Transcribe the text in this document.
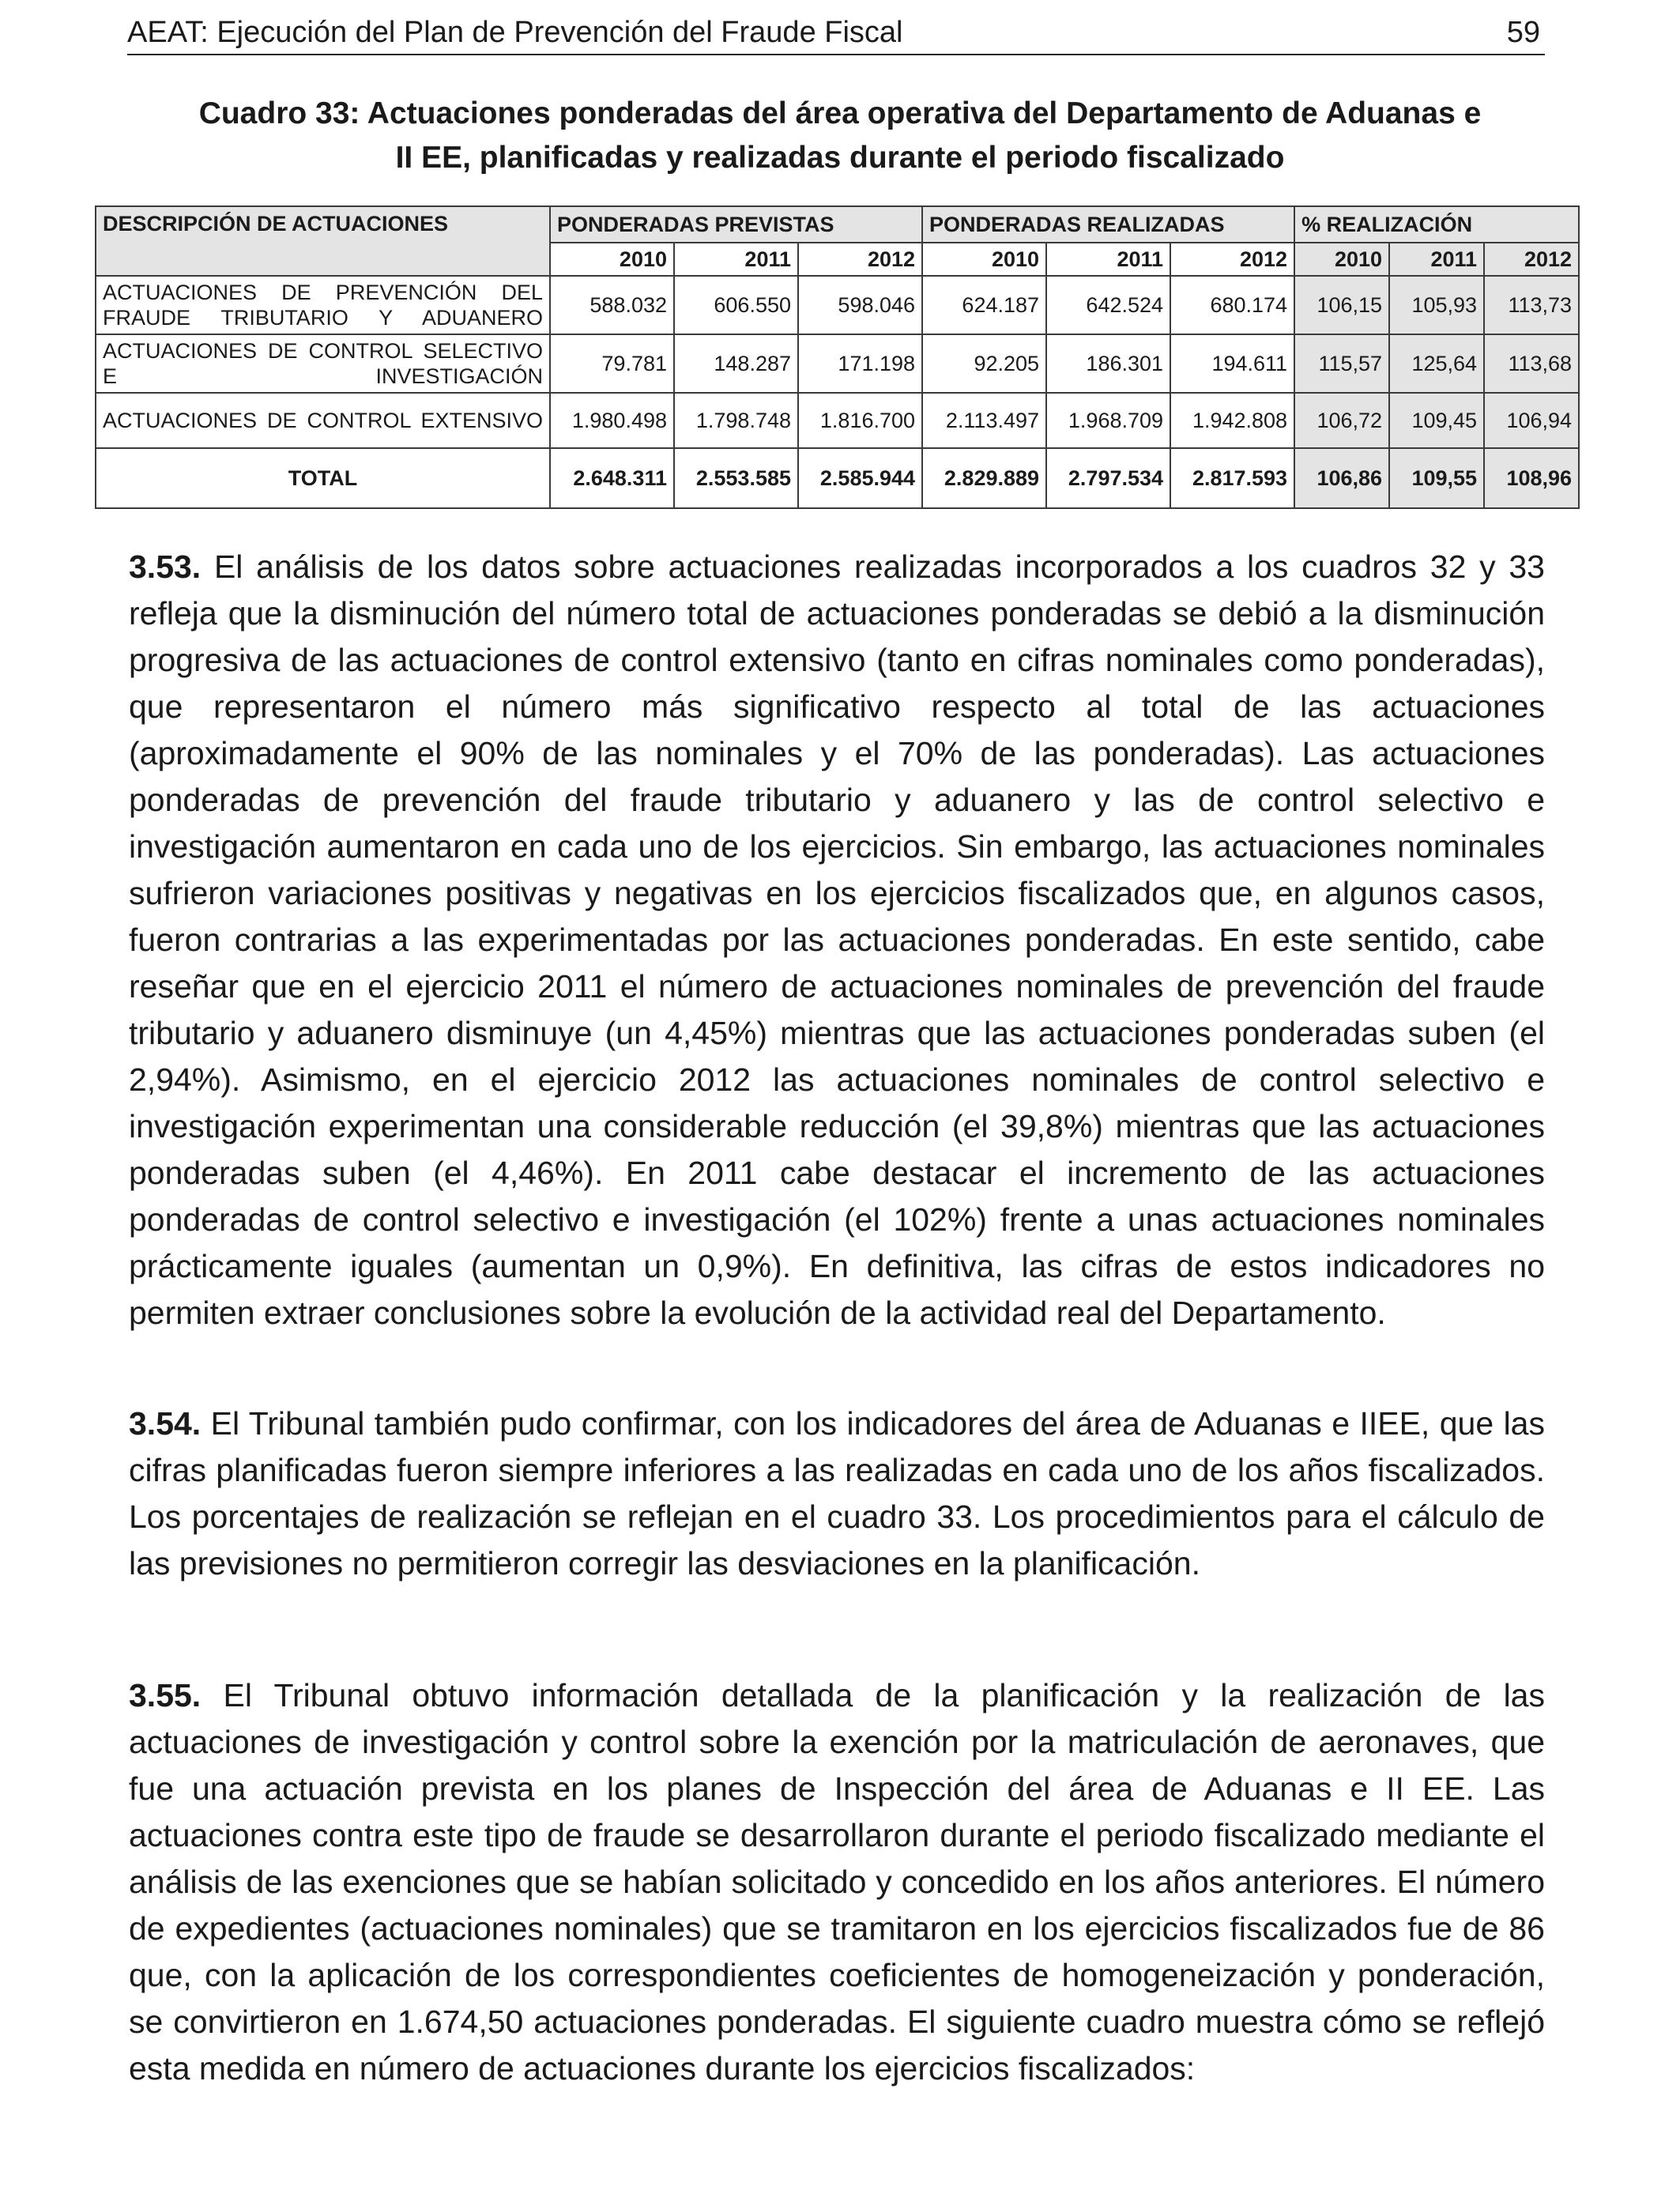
AEAT: Ejecución del Plan de Prevención del Fraude Fiscal	59
Cuadro 33: Actuaciones ponderadas del área operativa del Departamento de Aduanas e
II EE, planificadas y realizadas durante el periodo fiscalizado
DESCRIPCIÓN DE ACTUACIONES	PONDERADAS PREVISTAS			PONDERADAS REALIZADAS			% REALIZACIÓN		
	2010	2011	2012	2010	2011	2012	2010	2011	2012
ACTUACIONES DE PREVENCIÓN DEL FRAUDE TRIBUTARIO Y ADUANERO	588.032	606.550	598.046	624.187	642.524	680.174	106,15	105,93	113,73
ACTUACIONES DE CONTROL SELECTIVO E INVESTIGACIÓN	79.781	148.287	171.198	92.205	186.301	194.611	115,57	125,64	113,68
ACTUACIONES DE CONTROL EXTENSIVO	1.980.498	1.798.748	1.816.700	2.113.497	1.968.709	1.942.808	106,72	109,45	106,94
TOTAL	2.648.311	2.553.585	2.585.944	2.829.889	2.797.534	2.817.593	106,86	109,55	108,96

3.53. El análisis de los datos sobre actuaciones realizadas incorporados a los cuadros 32 y 33 refleja que la disminución del número total de actuaciones ponderadas se debió a la disminución progresiva de las actuaciones de control extensivo (tanto en cifras nominales como ponderadas), que representaron el número más significativo respecto al total de las actuaciones (aproximadamente el 90% de las nominales y el 70% de las ponderadas). Las actuaciones ponderadas de prevención del fraude tributario y aduanero y las de control selectivo e investigación aumentaron en cada uno de los ejercicios. Sin embargo, las actuaciones nominales sufrieron variaciones positivas y negativas en los ejercicios fiscalizados que, en algunos casos, fueron contrarias a las experimentadas por las actuaciones ponderadas. En este sentido, cabe reseñar que en el ejercicio 2011 el número de actuaciones nominales de prevención del fraude tributario y aduanero disminuye (un 4,45%) mientras que las actuaciones ponderadas suben (el 2,94%). Asimismo, en el ejercicio 2012 las actuaciones nominales de control selectivo e investigación experimentan una considerable reducción (el 39,8%) mientras que las actuaciones ponderadas suben (el 4,46%). En 2011 cabe destacar el incremento de las actuaciones ponderadas de control selectivo e investigación (el 102%) frente a unas actuaciones nominales prácticamente iguales (aumentan un 0,9%). En definitiva, las cifras de estos indicadores no permiten extraer conclusiones sobre la evolución de la actividad real del Departamento.

3.54. El Tribunal también pudo confirmar, con los indicadores del área de Aduanas e IIEE, que las cifras planificadas fueron siempre inferiores a las realizadas en cada uno de los años fiscalizados. Los porcentajes de realización se reflejan en el cuadro 33. Los procedimientos para el cálculo de las previsiones no permitieron corregir las desviaciones en la planificación.

3.55. El Tribunal obtuvo información detallada de la planificación y la realización de las actuaciones de investigación y control sobre la exención por la matriculación de aeronaves, que fue una actuación prevista en los planes de Inspección del área de Aduanas e II EE. Las actuaciones contra este tipo de fraude se desarrollaron durante el periodo fiscalizado mediante el análisis de las exenciones que se habían solicitado y concedido en los años anteriores. El número de expedientes (actuaciones nominales) que se tramitaron en los ejercicios fiscalizados fue de 86 que, con la aplicación de los correspondientes coeficientes de homogeneización y ponderación, se convirtieron en 1.674,50 actuaciones ponderadas. El siguiente cuadro muestra cómo se reflejó esta medida en número de actuaciones durante los ejercicios fiscalizados:
